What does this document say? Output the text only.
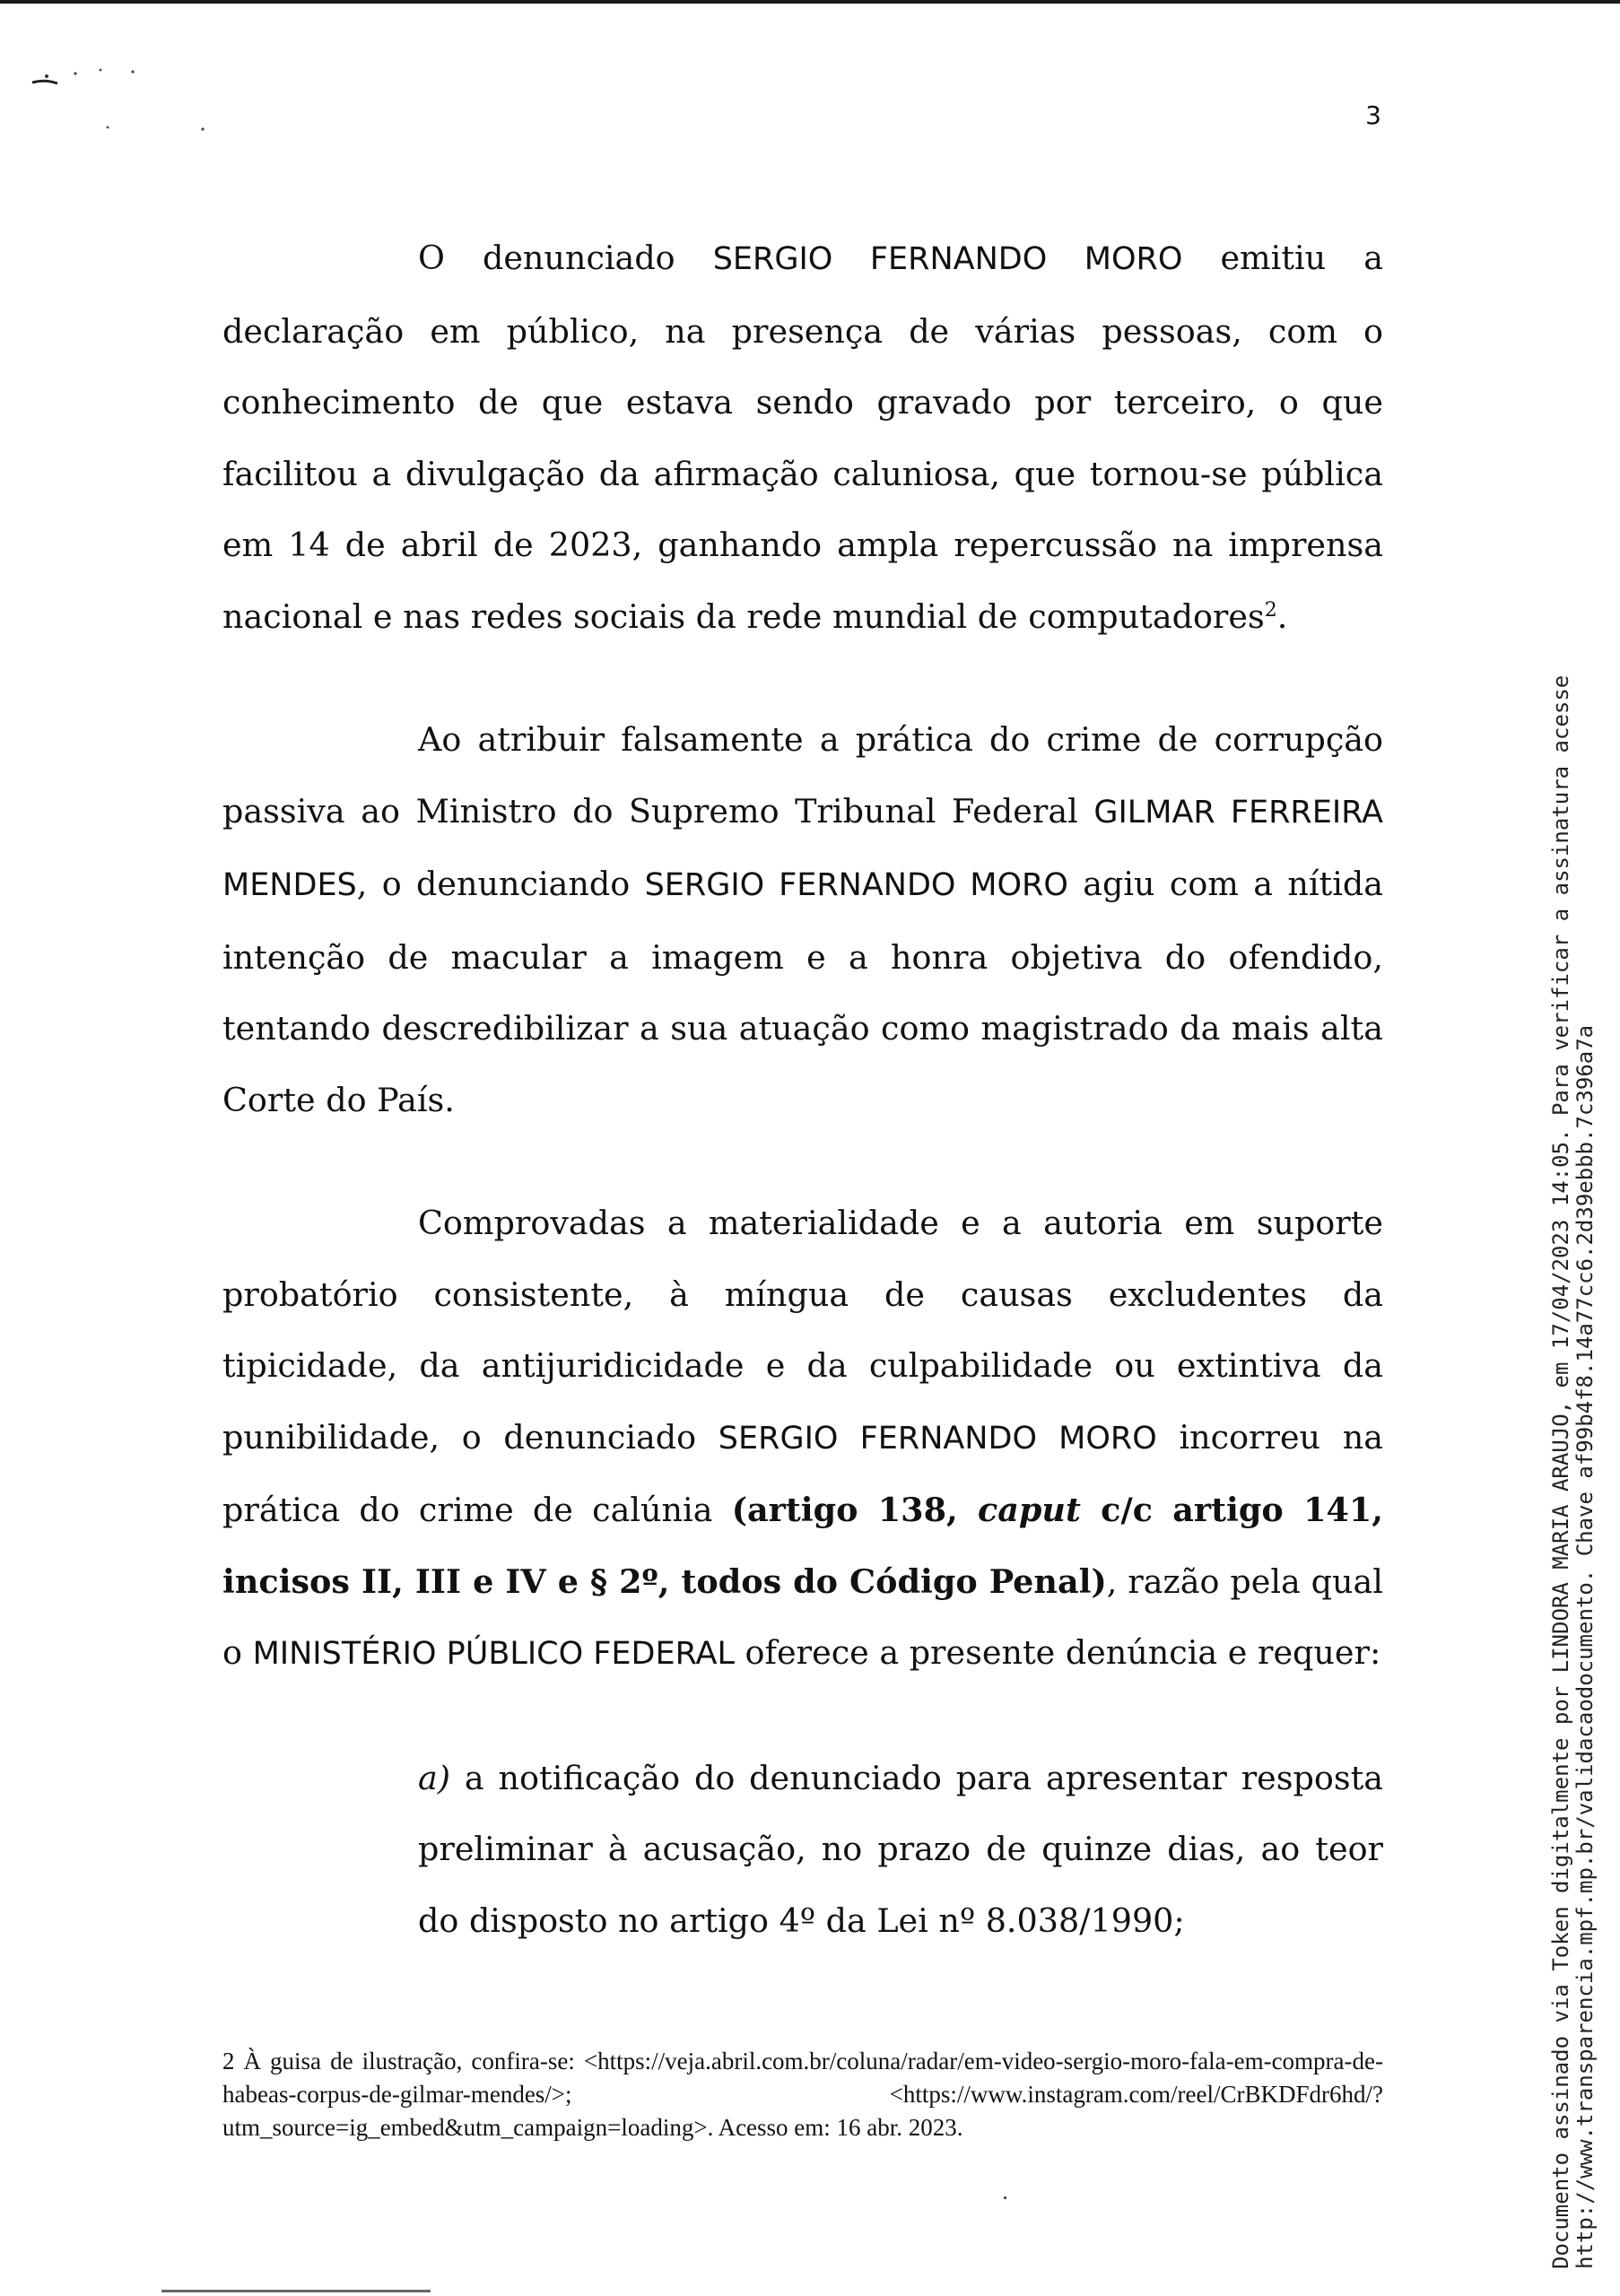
3

O denunciado SERGIO FERNANDO MORO emitiu a declaração em público, na presença de várias pessoas, com o conhecimento de que estava sendo gravado por terceiro, o que facilitou a divulgação da afirmação caluniosa, que tornou-se pública em 14 de abril de 2023, ganhando ampla repercussão na imprensa nacional e nas redes sociais da rede mundial de computadores$^2$.

Ao atribuir falsamente a prática do crime de corrupção passiva ao Ministro do Supremo Tribunal Federal GILMAR FERREIRA MENDES, o denunciando SERGIO FERNANDO MORO agiu com a nítida intenção de macular a imagem e a honra objetiva do ofendido, tentando descredibilizar a sua atuação como magistrado da mais alta Corte do País.

Comprovadas a materialidade e a autoria em suporte probatório consistente, à míngua de causas excludentes da tipicidade, da antijuridicidade e da culpabilidade ou extintiva da punibilidade, o denunciado SERGIO FERNANDO MORO incorreu na prática do crime de calúnia (artigo 138, caput c/c artigo 141, incisos II, III e IV e § 2º, todos do Código Penal), razão pela qual o MINISTÉRIO PÚBLICO FEDERAL oferece a presente denúncia e requer:

a) a notificação do denunciado para apresentar resposta preliminar à acusação, no prazo de quinze dias, ao teor do disposto no artigo 4º da Lei nº 8.038/1990;

2 À guisa de ilustração, confira-se: <https://veja.abril.com.br/coluna/radar/em-video-sergio-moro-fala-em-compra-de-habeas-corpus-de-gilmar-mendes/>; <https://www.instagram.com/reel/CrBKDFdr6hd/?utm_source=ig_embed&utm_campaign=loading>. Acesso em: 16 abr. 2023.	Documento assinado via Token digitalmente por LINDORA MARIA ARAUJO, em 17/04/2023 14:05. Para verificar a assinatura acesse http://www.transparencia.mpf.mp.br/validacaodocumento. Chave af99b4f8.14a77cc6.2d39ebbb.7c396a7a
